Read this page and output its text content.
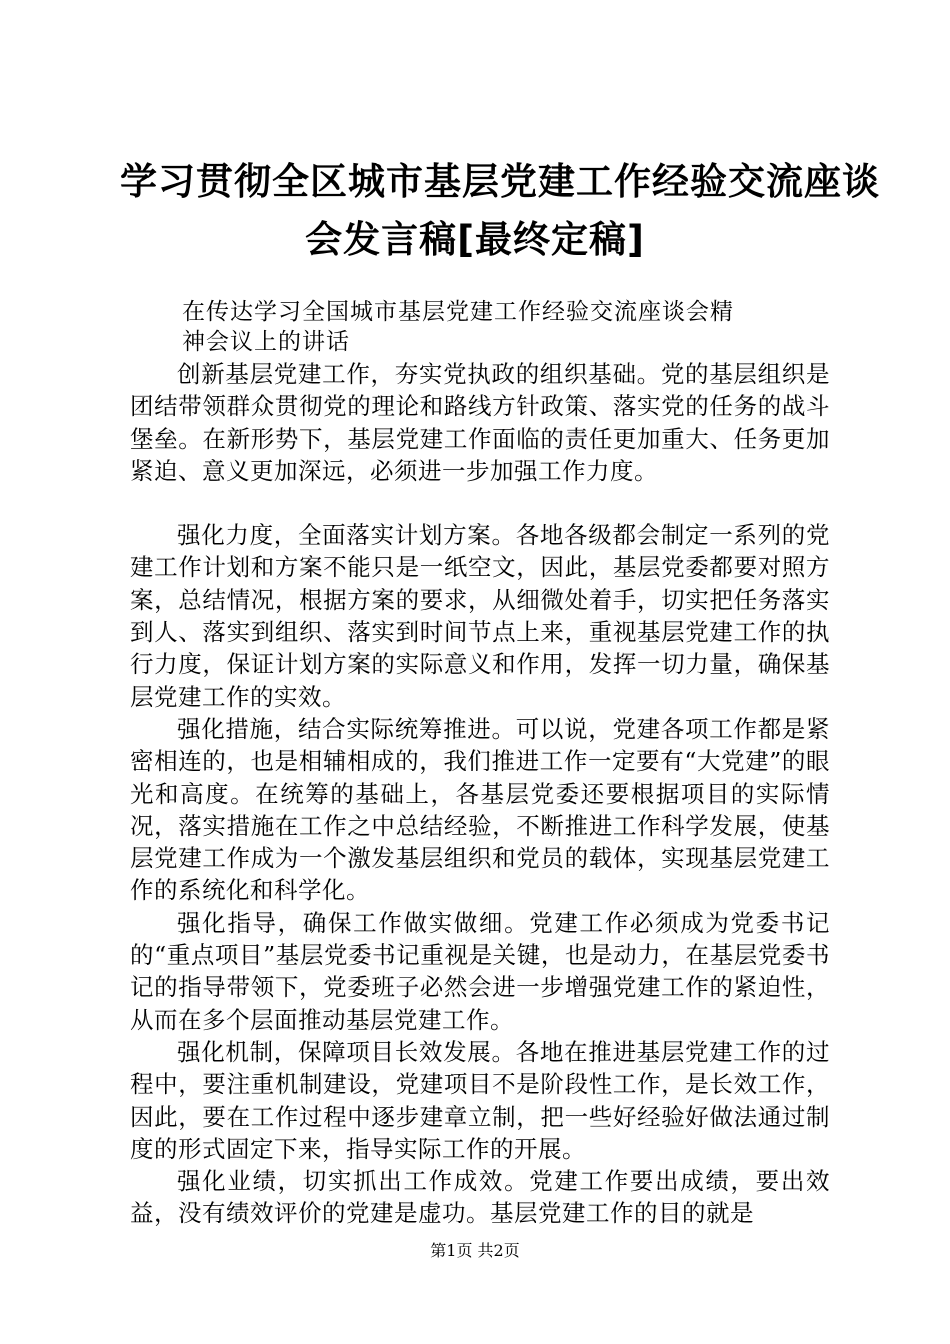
学习贯彻全区城市基层党建工作经验交流座谈
会发言稿[最终定稿]
在传达学习全国城市基层党建工作经验交流座谈会精
神会议上的讲话

创新基层党建工作，夯实党执政的组织基础。党的基层组织是团结带领群众贯彻党的理论和路线方针政策、落实党的任务的战斗堡垒。在新形势下，基层党建工作面临的责任更加重大、任务更加紧迫、意义更加深远，必须进一步加强工作力度。

强化力度，全面落实计划方案。各地各级都会制定一系列的党建工作计划和方案不能只是一纸空文，因此，基层党委都要对照方案，总结情况，根据方案的要求，从细微处着手，切实把任务落实到人、落实到组织、落实到时间节点上来，重视基层党建工作的执行力度，保证计划方案的实际意义和作用，发挥一切力量，确保基层党建工作的实效。

强化措施，结合实际统筹推进。可以说，党建各项工作都是紧密相连的，也是相辅相成的，我们推进工作一定要有“大党建”的眼光和高度。在统筹的基础上，各基层党委还要根据项目的实际情况，落实措施在工作之中总结经验，不断推进工作科学发展，使基层党建工作成为一个激发基层组织和党员的载体，实现基层党建工作的系统化和科学化。

强化指导，确保工作做实做细。党建工作必须成为党委书记的“重点项目”基层党委书记重视是关键，也是动力，在基层党委书记的指导带领下，党委班子必然会进一步增强党建工作的紧迫性，从而在多个层面推动基层党建工作。

强化机制，保障项目长效发展。各地在推进基层党建工作的过程中，要注重机制建设，党建项目不是阶段性工作，是长效工作，因此，要在工作过程中逐步建章立制，把一些好经验好做法通过制度的形式固定下来，指导实际工作的开展。

强化业绩，切实抓出工作成效。党建工作要出成绩，要出效益，没有绩效评价的党建是虚功。基层党建工作的目的就是

第1页 共2页
